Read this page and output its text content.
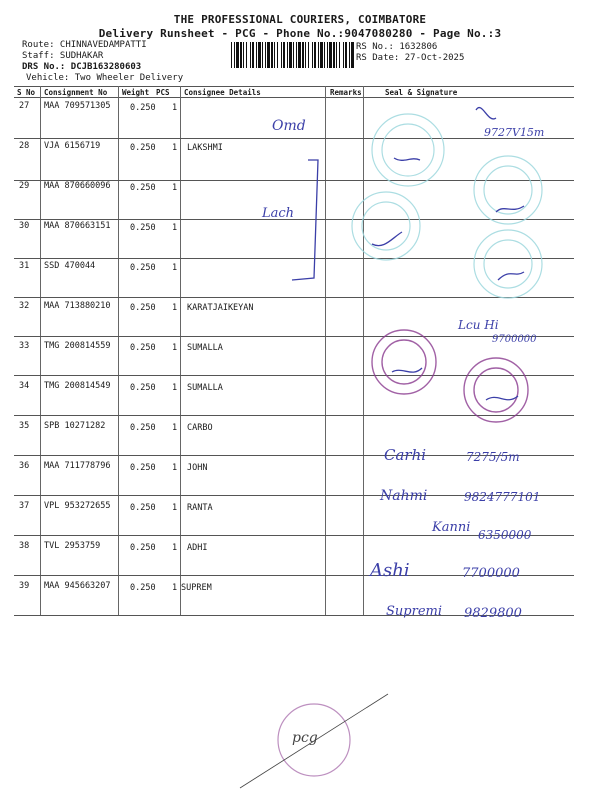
THE PROFESSIONAL COURIERS, COIMBATORE
Delivery Runsheet - PCG - Phone No.:9047080280 - Page No.:3
Route: CHINNAVEDAMPATTI
Staff: SUDHAKAR
DRS No.: DCJB163280603
Vehicle: Two Wheeler Delivery
RS No.: 1632806
RS Date: 27-Oct-2025
S No Consignment No Weight PCS Consignee Details	Remarks	Seal & Signature
27 MAA 709571305 0.250 1
28 VJA 6156719	0.250 1 LAKSHMI
29 MAA 870660096 0.250 1
30 MAA 870663151 0.250 1
31 SSD 470044	0.250 1
32 MAA 713880210 0.250 1 KARATJAIKEYAN
33 TMG 200814559 0.250 1 SUMALLA
34 TMG 200814549 0.250 1 SUMALLA
35 SPB 10271282	0.250 1 CARBO
36 MAA 711778796 0.250 1 JOHN
37 VPL 953272655 0.250 1 RANTA
38 TVL 2953759	0.250 1 ADHI
39 MAA 945663207 0.250 1 SUPREM
Omd
Lach
9727V15m
Lcu Hi
9700000
Carhi	7275/5m
Nahmi	9824777101
Kanni 6350000
Ashi	7700000
Supremi 9829800
pcg
